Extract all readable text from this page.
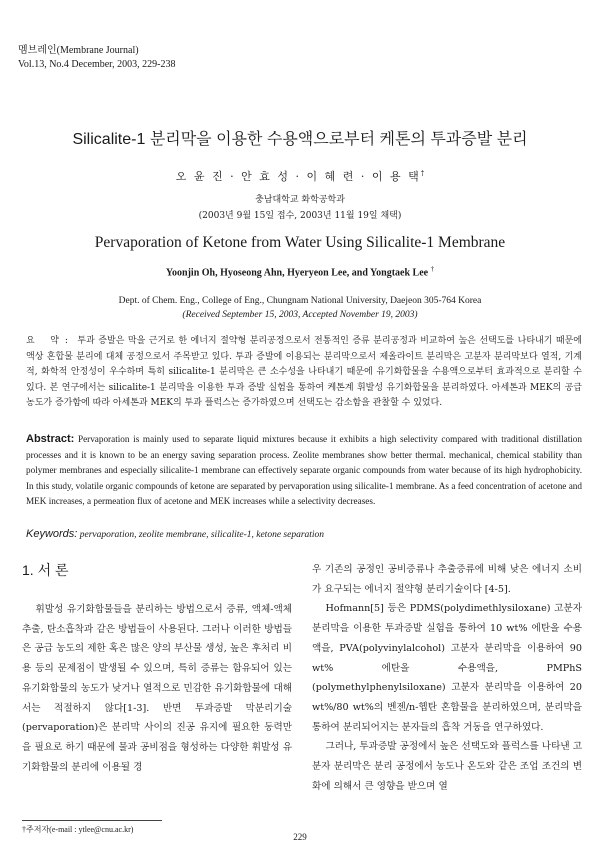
멤브레인(Membrane Journal)
Vol.13, No.4 December, 2003, 229-238
Silicalite-1 분리막을 이용한 수용액으로부터 케톤의 투과증발 분리
오 윤 진 · 안 효 성 · 이 혜 련 · 이 용 택†
충남대학교 화학공학과
(2003년 9월 15일 접수, 2003년 11월 19일 채택)
Pervaporation of Ketone from Water Using Silicalite-1 Membrane
Yoonjin Oh, Hyoseong Ahn, Hyeryeon Lee, and Yongtaek Lee †
Dept. of Chem. Eng., College of Eng., Chungnam National University, Daejeon 305-764 Korea
(Received September 15, 2003, Accepted November 19, 2003)
요 약: 투과 증발은 막을 근거로 한 에너지 절약형 분리공정으로서 전통적인 증류 분리공정과 비교하여 높은 선택도를 나타내기 때문에 액상 혼합물 분리에 대체 공정으로서 주목받고 있다. 투과 증발에 이용되는 분리막으로서 제올라이트 분리막은 고분자 분리막보다 열적, 기계적, 화학적 안정성이 우수하며 특히 silicalite-1 분리막은 큰 소수성을 나타내기 때문에 유기화합물을 수용액으로부터 효과적으로 분리할 수 있다. 본 연구에서는 silicalite-1 분리막을 이용한 투과 증발 실험을 통하여 케톤계 휘발성 유기화합물을 분리하였다. 아세톤과 MEK의 공급 농도가 증가함에 따라 아세톤과 MEK의 투과 플럭스는 증가하였으며 선택도는 감소함을 관찰할 수 있었다.
Abstract: Pervaporation is mainly used to separate liquid mixtures because it exhibits a high selectivity compared with traditional distillation processes and it is known to be an energy saving separation process. Zeolite membranes show better thermal. mechanical, chemical stability than polymer membranes and especially silicalite-1 membrane can effectively separate organic compounds from water because of its high hydrophobicity. In this study, volatile organic compounds of ketone are separated by pervaporation using silicalite-1 membrane. As a feed concentration of acetone and MEK increases, a permeation flux of acetone and MEK increases while a selectivity decreases.
Keywords: pervaporation, zeolite membrane, silicalite-1, ketone separation
1. 서 론

휘발성 유기화합물들을 분리하는 방법으로서 증류, 액체-액체 추출, 탄소흡착과 같은 방법들이 사용된다. 그러나 이러한 방법들은 공급 농도의 제한 혹은 많은 양의 부산물 생성, 높은 후처리 비용 등의 문제점이 발생될 수 있으며, 특히 증류는 함유되어 있는 유기화합물의 농도가 낮거나 열적으로 민감한 유기화합물에 대해서는 적절하지 않다[1-3]. 반면 투과증발 막분리기술(pervaporation)은 분리막 사이의 진공 유지에 필요한 동력만을 필요로 하기 때문에 물과 공비점을 형성하는 다양한 휘발성 유기화합물의 분리에 이용될 경

우 기존의 공정인 공비증류나 추출증류에 비해 낮은 에너지 소비가 요구되는 에너지 절약형 분리기술이다 [4-5].

Hofmann[5] 등은 PDMS(polydimethlysiloxane) 고분자 분리막을 이용한 투과증발 실험을 통하여 10 wt% 에탄올 수용액을, PVA(polyvinylalcohol) 고분자 분리막을 이용하여 90 wt% 에탄올 수용액을, PMPhS (polymethylphenylsiloxane) 고분자 분리막을 이용하여 20 wt%/80 wt%의 벤젠/n-헵탄 혼합물을 분리하였으며, 분리막을 통하여 분리되어지는 분자들의 흡착 거동을 연구하였다.

그러나, 투과증발 공정에서 높은 선택도와 플럭스를 나타낸 고분자 분리막은 분리 공정에서 농도나 온도와 같은 조업 조건의 변화에 의해서 큰 영향을 받으며 열

†주저자(e-mail : ytlee@cnu.ac.kr)
229
